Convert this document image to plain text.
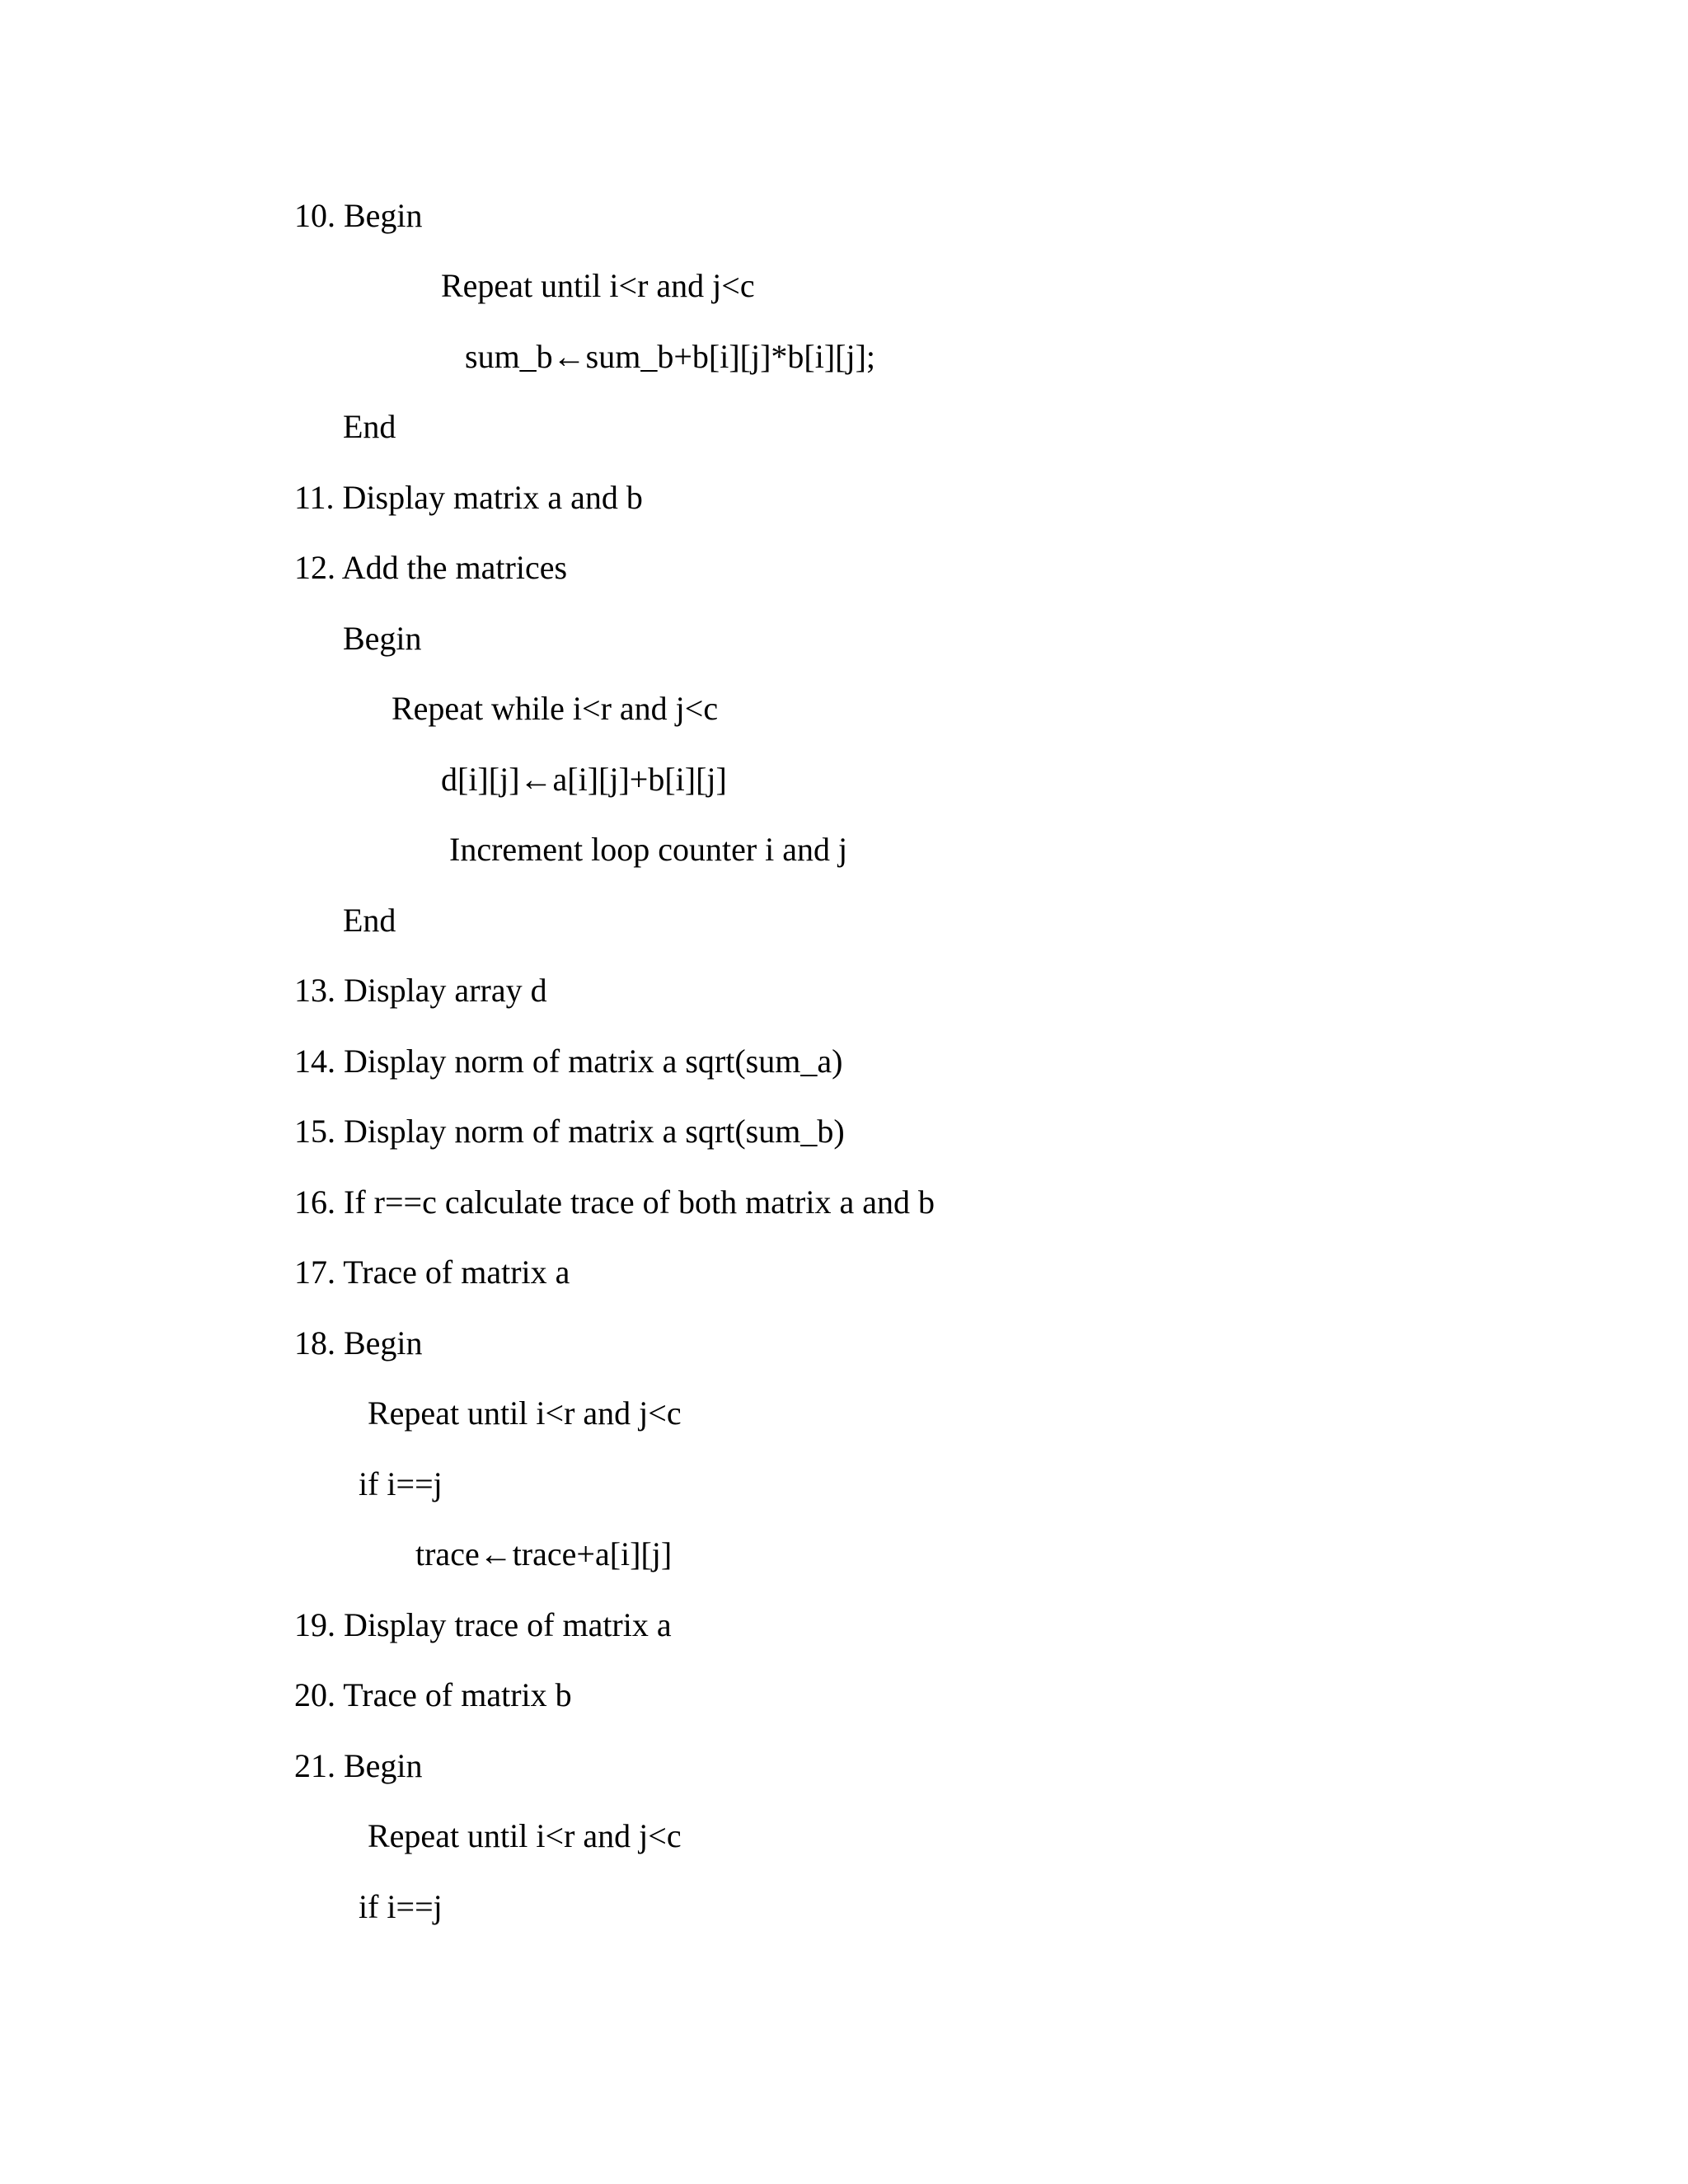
10. Begin
Repeat until i<r and j<c
sum_b←sum_b+b[i][j]*b[i][j];
End
11. Display matrix a and b
12. Add the matrices
Begin
Repeat while i<r and j<c
d[i][j]←a[i][j]+b[i][j]
Increment loop counter i and j
End
13. Display array d
14. Display norm of matrix a sqrt(sum_a)
15. Display norm of matrix a sqrt(sum_b)
16. If r==c calculate trace of both matrix a and b
17. Trace of matrix a
18. Begin
Repeat until i<r and j<c
if i==j
trace←trace+a[i][j]
19. Display trace of matrix a
20. Trace of matrix b
21. Begin
Repeat until i<r and j<c
if i==j
